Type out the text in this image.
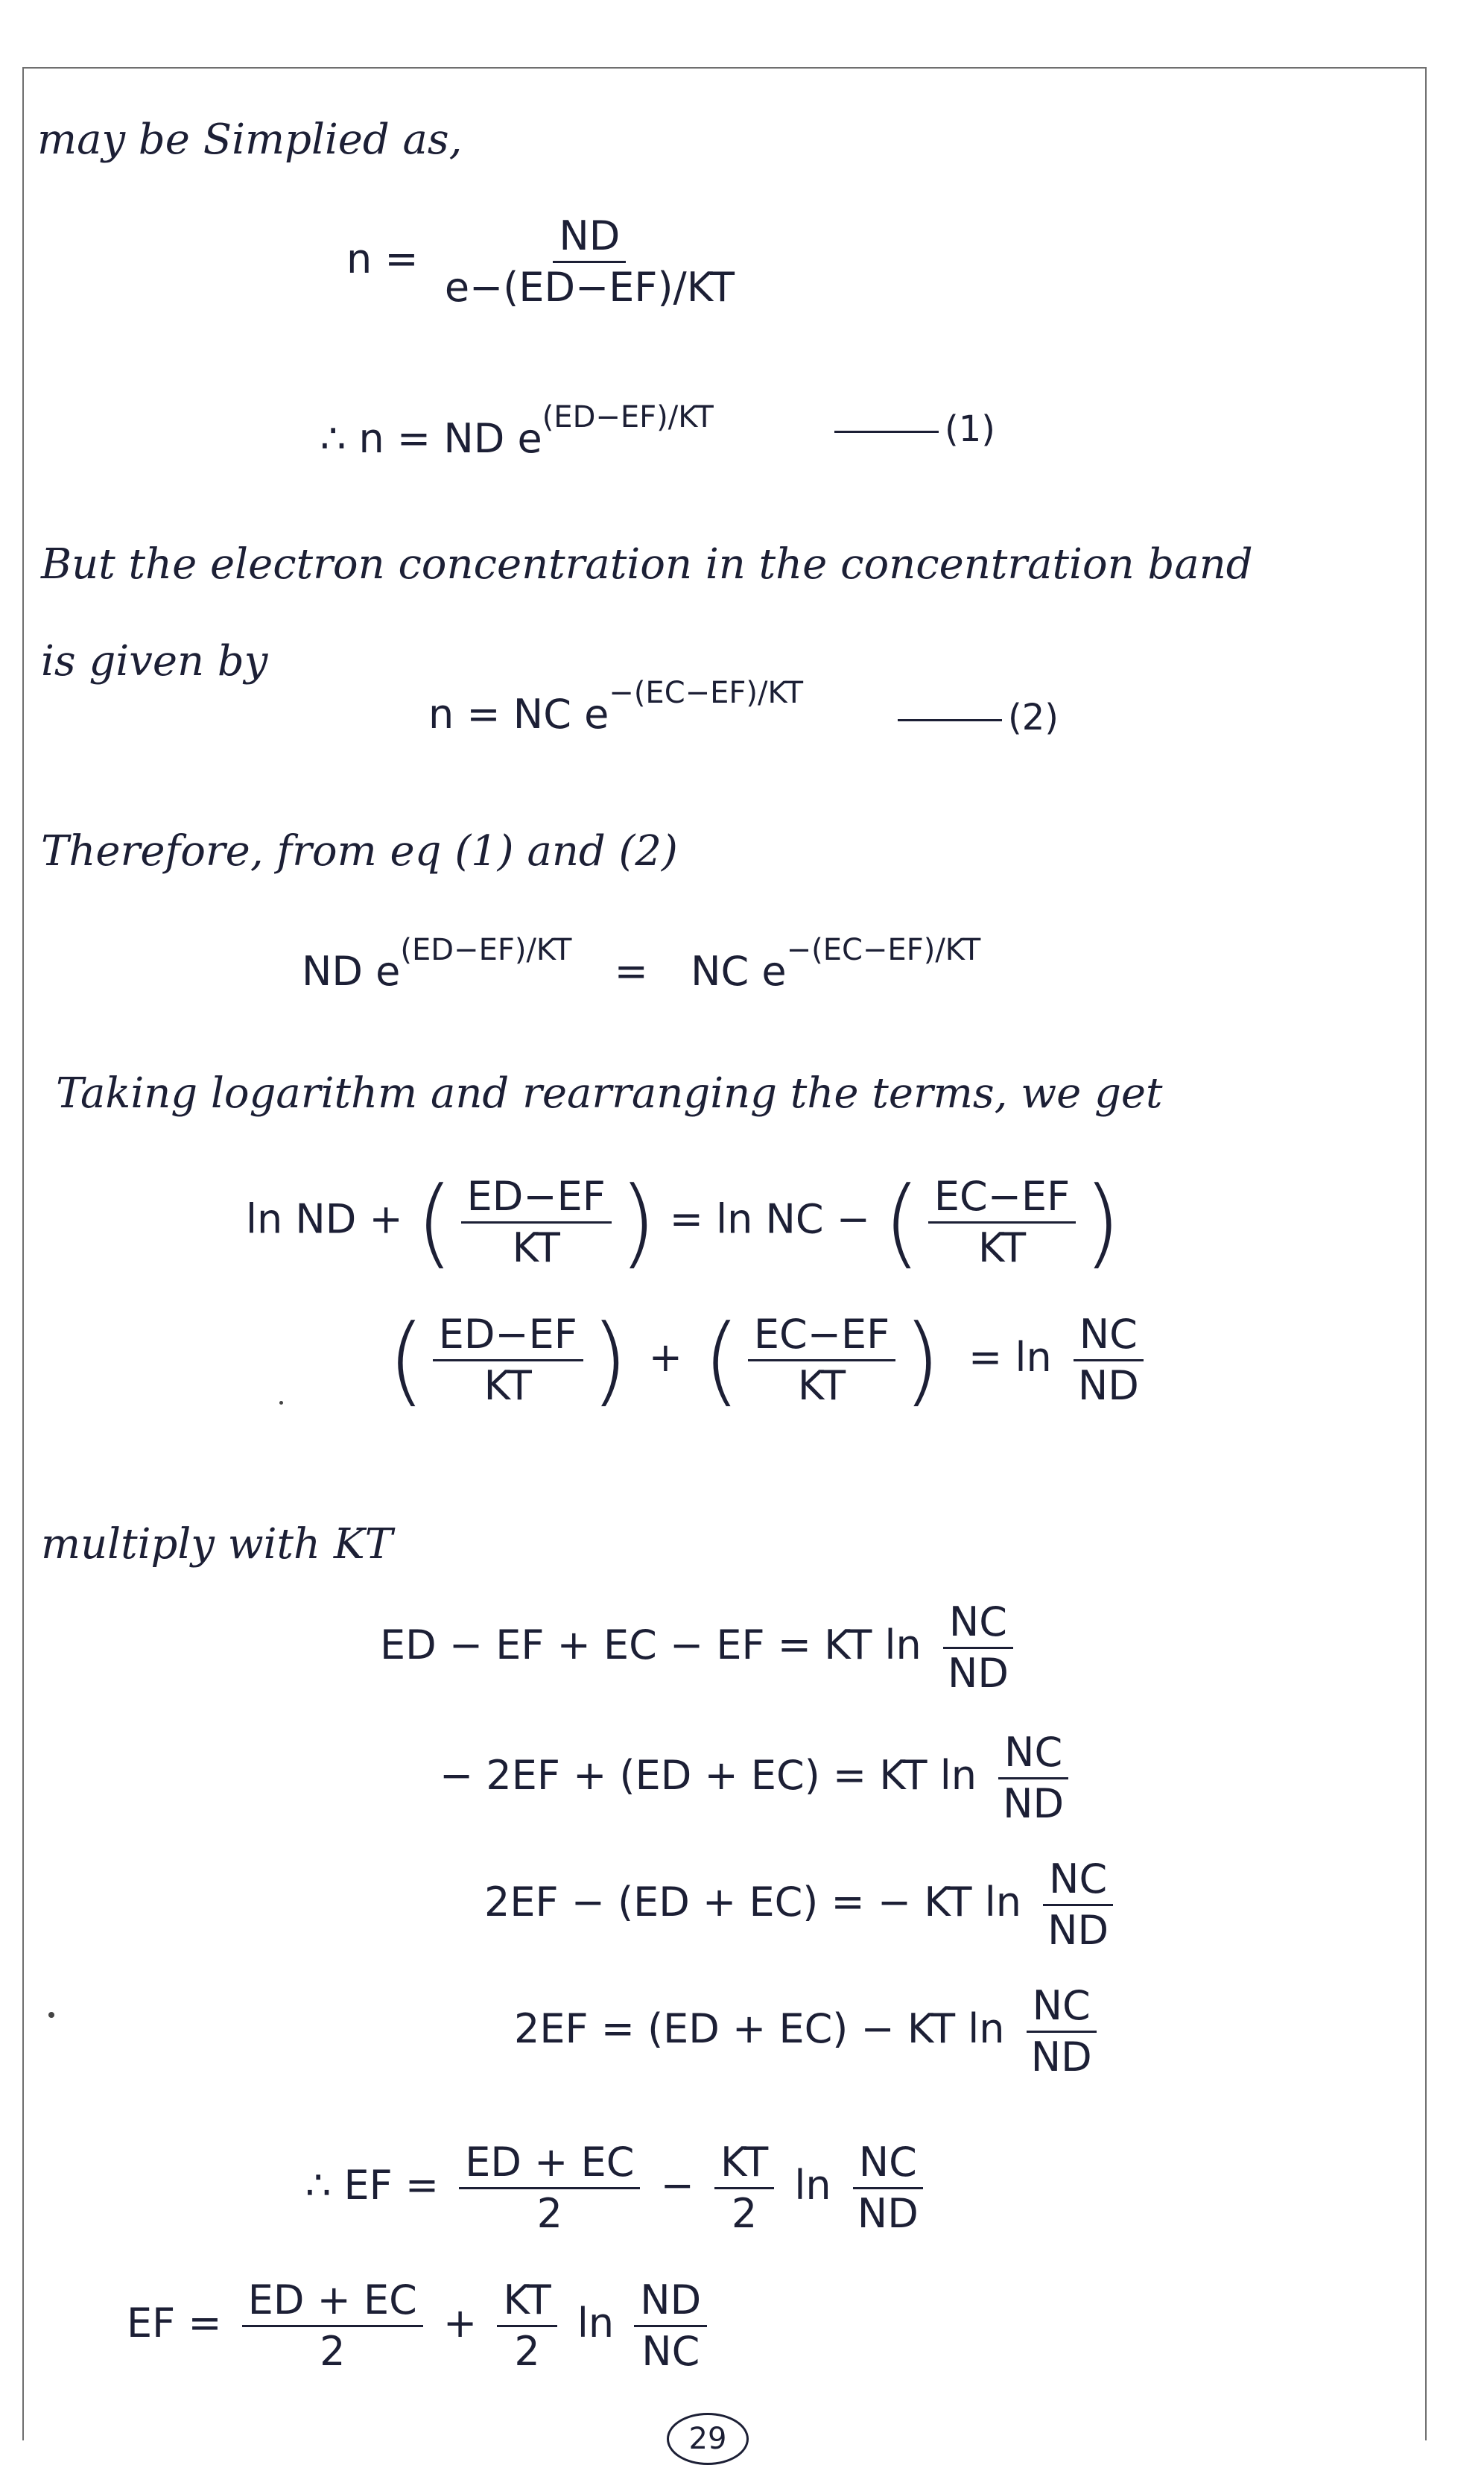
may be Simplied as,
$n = \frac{ND}{e-(ED-EF)/KT}$
∴ n = ND $e^{(ED-EF)/KT}$	(1)
But the electron concentration in the concentration band
is given by
n = NC $e^{-(EC-EF)/KT}$
(2)
Therefore, from eq (1) and (2)
ND $e^{(ED-EF)/KT}$ = NC $e^{-(EC-EF)/KT}$
Taking logarithm and rearranging the terms, we get
ln ND + ( $\frac{ED-EF}{KT}$ ) = ln NC − ( $\frac{EC-EF}{KT}$ )
( $\frac{ED-EF}{KT}$ ) + ( $\frac{EC-EF}{KT}$ ) = $\ln \frac{NC}{ND}$
multiply with KT
ED − EF + EC − EF = KT $\ln \frac{NC}{ND}$
− 2EF + (ED + EC) = KT $\ln \frac{NC}{ND}$
2EF − (ED + EC) = − KT $\ln \frac{NC}{ND}$
2EF = (ED + EC) − KT $\ln \frac{NC}{ND}$
∴ EF = $\frac{ED + EC}{2} - \frac{KT}{2}$ $\ln \frac{NC}{ND}$
EF = $\frac{ED + EC}{2} + \frac{KT}{2}$ $\ln \frac{ND}{NC}$
29
